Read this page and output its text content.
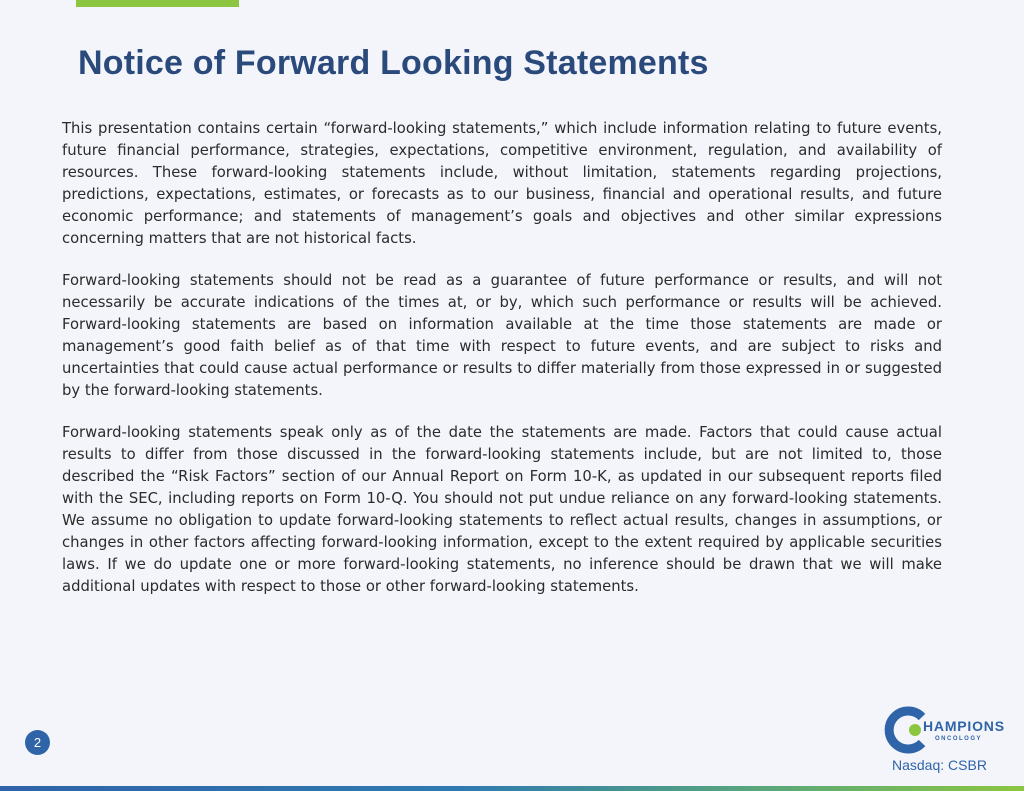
Notice of Forward Looking Statements

This presentation contains certain “forward-looking statements,” which include information relating to future events, future financial performance, strategies, expectations, competitive environment, regulation, and availability of resources. These forward-looking statements include, without limitation, statements regarding projections, predictions, expectations, estimates, or forecasts as to our business, financial and operational results, and future economic performance; and statements of management’s goals and objectives and other similar expressions concerning matters that are not historical facts.

Forward-looking statements should not be read as a guarantee of future performance or results, and will not necessarily be accurate indications of the times at, or by, which such performance or results will be achieved. Forward-looking statements are based on information available at the time those statements are made or management’s good faith belief as of that time with respect to future events, and are subject to risks and uncertainties that could cause actual performance or results to differ materially from those expressed in or suggested by the forward-looking statements.

Forward-looking statements speak only as of the date the statements are made. Factors that could cause actual results to differ from those discussed in the forward-looking statements include, but are not limited to, those described the “Risk Factors” section of our Annual Report on Form 10-K, as updated in our subsequent reports filed with the SEC, including reports on Form 10-Q. You should not put undue reliance on any forward-looking statements. We assume no obligation to update forward-looking statements to reflect actual results, changes in assumptions, or changes in other factors affecting forward-looking information, except to the extent required by applicable securities laws. If we do update one or more forward-looking statements, no inference should be drawn that we will make additional updates with respect to those or other forward-looking statements.

2
HAMPIONS
ONCOLOGY
Nasdaq: CSBR
